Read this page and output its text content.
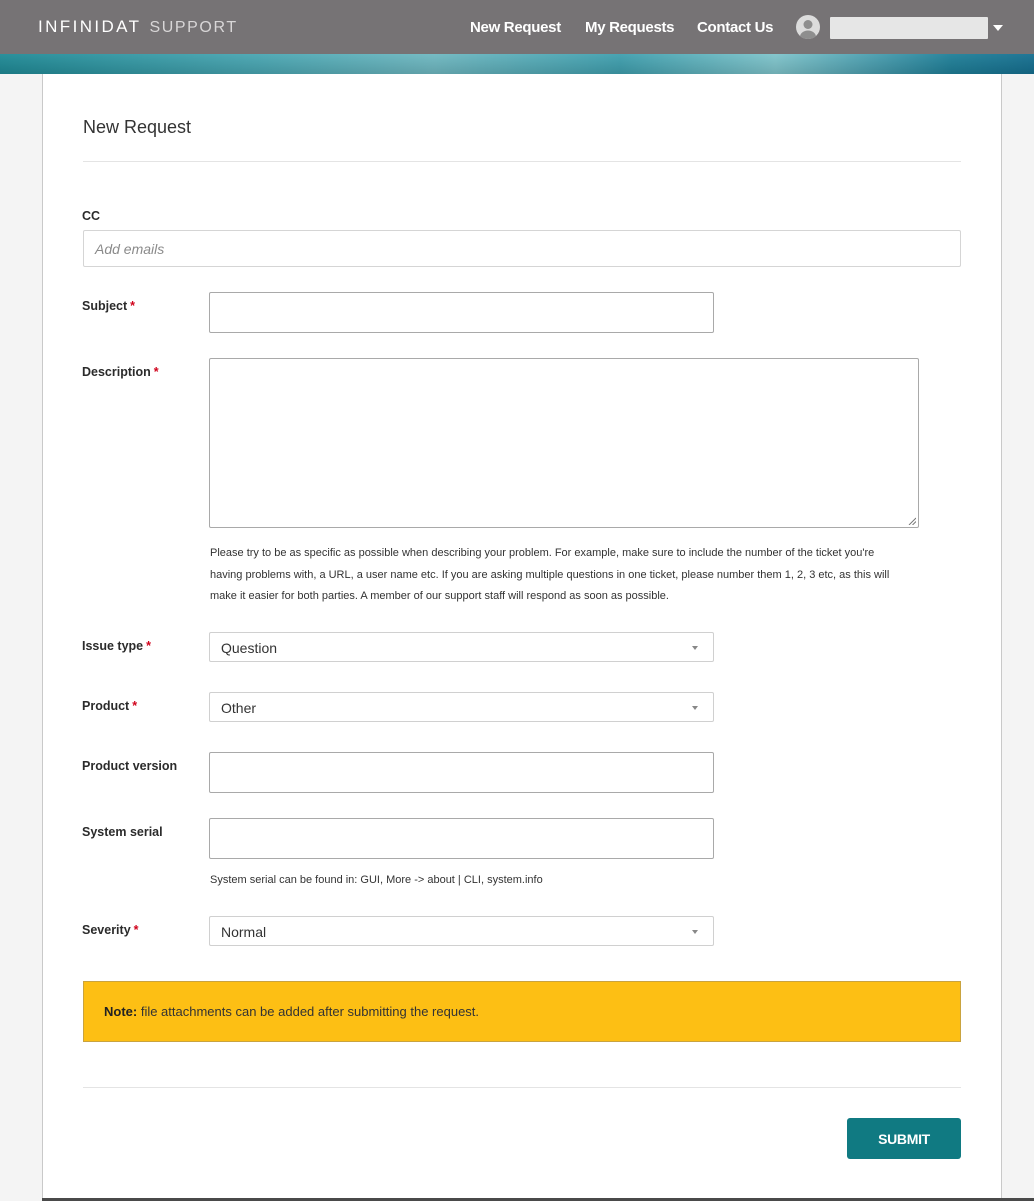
INFINIDAT SUPPORT	New Request My Requests Contact Us
New Request
CC
Add emails
Subject *
Description *
Please try to be as specific as possible when describing your problem. For example, make sure to include the number of the ticket you're
having problems with, a URL, a user name etc. If you are asking multiple questions in one ticket, please number them 1, 2, 3 etc, as this will
make it easier for both parties. A member of our support staff will respond as soon as possible.
Issue type *	Question
Product *	Other
Product version
System serial
System serial can be found in: GUI, More -> about | CLI, system.info
Severity *	Normal
Note: file attachments can be added after submitting the request.
SUBMIT
